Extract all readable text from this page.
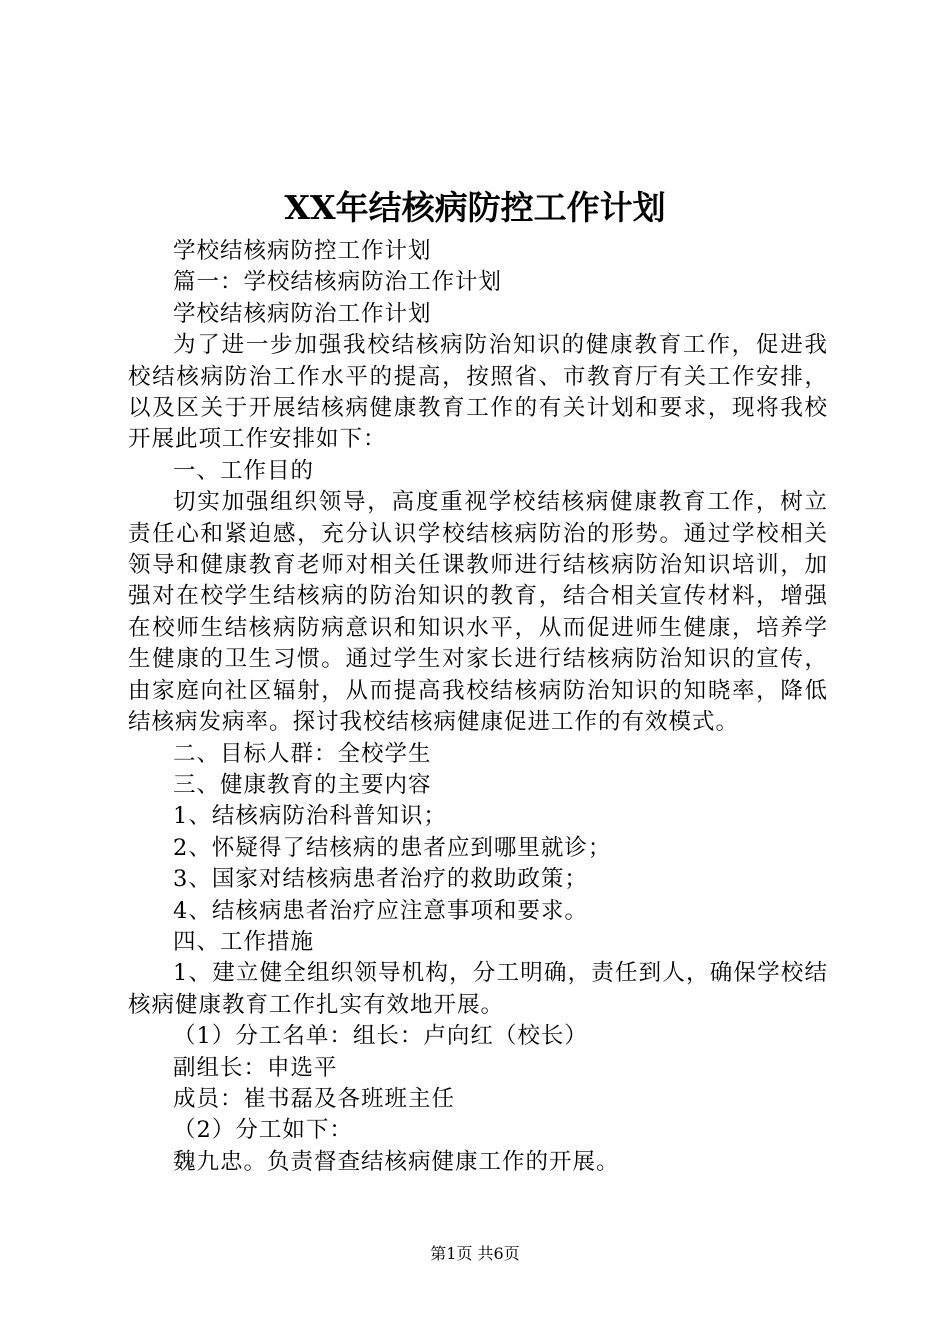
XX年结核病防控工作计划

学校结核病防控工作计划

篇一：学校结核病防治工作计划

学校结核病防治工作计划

为了进一步加强我校结核病防治知识的健康教育工作，促进我校结核病防治工作水平的提高，按照省、市教育厅有关工作安排，以及区关于开展结核病健康教育工作的有关计划和要求，现将我校开展此项工作安排如下：

一、工作目的

切实加强组织领导，高度重视学校结核病健康教育工作，树立责任心和紧迫感，充分认识学校结核病防治的形势。通过学校相关领导和健康教育老师对相关任课教师进行结核病防治知识培训，加强对在校学生结核病的防治知识的教育，结合相关宣传材料，增强在校师生结核病防病意识和知识水平，从而促进师生健康，培养学生健康的卫生习惯。通过学生对家长进行结核病防治知识的宣传，由家庭向社区辐射，从而提高我校结核病防治知识的知晓率，降低结核病发病率。探讨我校结核病健康促进工作的有效模式。

二、目标人群：全校学生

三、健康教育的主要内容

1、结核病防治科普知识；

2、怀疑得了结核病的患者应到哪里就诊；

3、国家对结核病患者治疗的救助政策；

4、结核病患者治疗应注意事项和要求。

四、工作措施

1、建立健全组织领导机构，分工明确，责任到人，确保学校结核病健康教育工作扎实有效地开展。

（1）分工名单：组长：卢向红（校长）

副组长：申选平

成员：崔书磊及各班班主任

（2）分工如下：

魏九忠。负责督查结核病健康工作的开展。

第1页 共6页
